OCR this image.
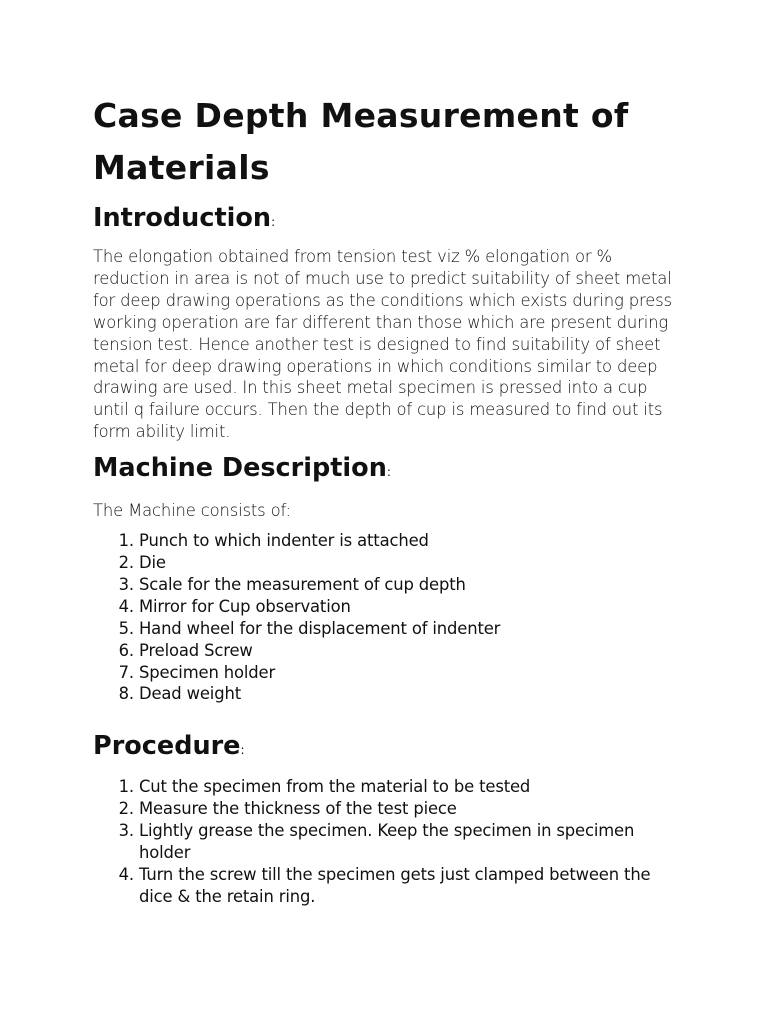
Case Depth Measurement of Materials
Introduction:

The elongation obtained from tension test viz % elongation or % reduction in area is not of much use to predict suitability of sheet metal for deep drawing operations as the conditions which exists during press working operation are far different than those which are present during tension test. Hence another test is designed to find suitability of sheet metal for deep drawing operations in which conditions similar to deep drawing are used. In this sheet metal specimen is pressed into a cup until q failure occurs. Then the depth of cup is measured to find out its form ability limit.

Machine Description:

The Machine consists of:

1. Punch to which indenter is attached
2. Die
3. Scale for the measurement of cup depth
4. Mirror for Cup observation
5. Hand wheel for the displacement of indenter
6. Preload Screw
7. Specimen holder
8. Dead weight
Procedure:
1. Cut the specimen from the material to be tested
2. Measure the thickness of the test piece
3. Lightly grease the specimen. Keep the specimen in specimen holder
4. Turn the screw till the specimen gets just clamped between the dice & the retain ring.
